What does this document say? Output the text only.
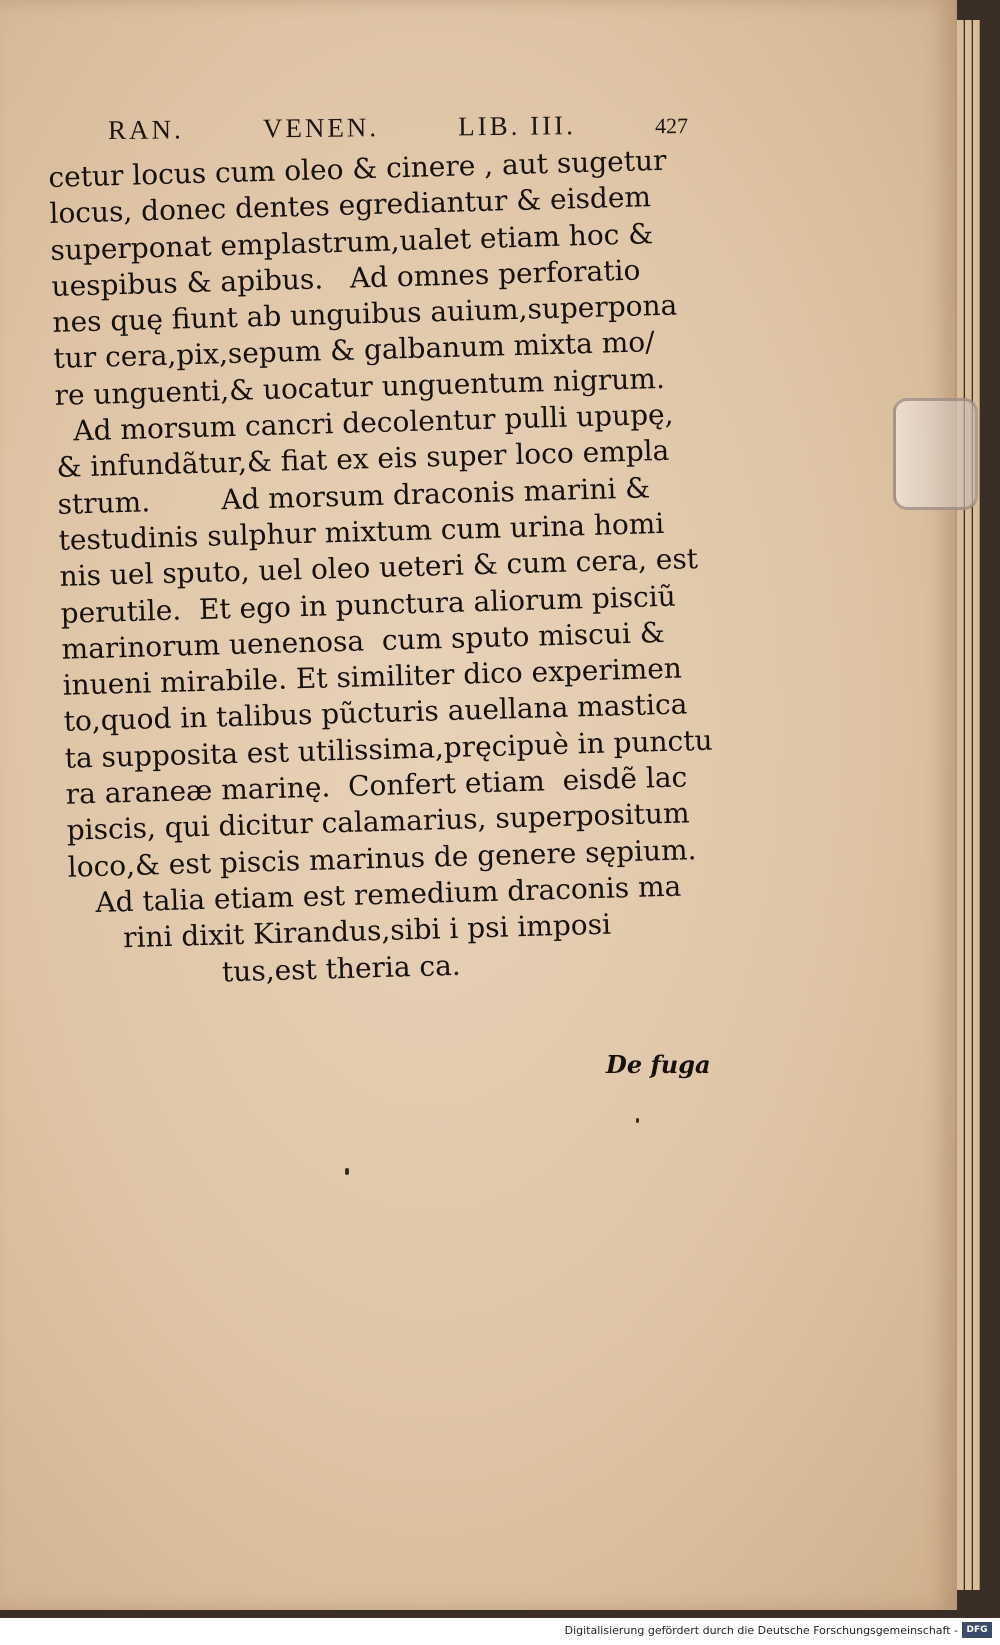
RAN.	VENEN.	LIB. III.	427
cetur locus cum oleo & cinere , aut sugetur
locus, donec dentes egrediantur & eisdem
superponat emplastrum,ualet etiam hoc &
uespibus & apibus.   Ad omnes perforatio
nes quę fiunt ab unguibus auium,superpona
tur cera,pix,sepum & galbanum mixta mo/
re unguenti,& uocatur unguentum nigrum.
Ad morsum cancri decolentur pulli upupę,
& infundãtur,& fiat ex eis super loco empla
strum.        Ad morsum draconis marini &
testudinis sulphur mixtum cum urina homi
nis uel sputo, uel oleo ueteri & cum cera, est
perutile.  Et ego in punctura aliorum pisciũ
marinorum uenenosa  cum sputo miscui &
inueni mirabile. Et similiter dico experimen
to,quod in talibus pũcturis auellana mastica
ta supposita est utilissima,pręcipuè in punctu
ra araneæ marinę.  Confert etiam  eisdẽ lac
piscis, qui dicitur calamarius, superpositum
loco,& est piscis marinus de genere sępium.
Ad talia etiam est remedium draconis ma
rini dixit Kirandus,sibi i psi imposi
tus,est theria ca.
De fuga
Digitalisierung gefördert durch die Deutsche Forschungsgemeinschaft - DFG
